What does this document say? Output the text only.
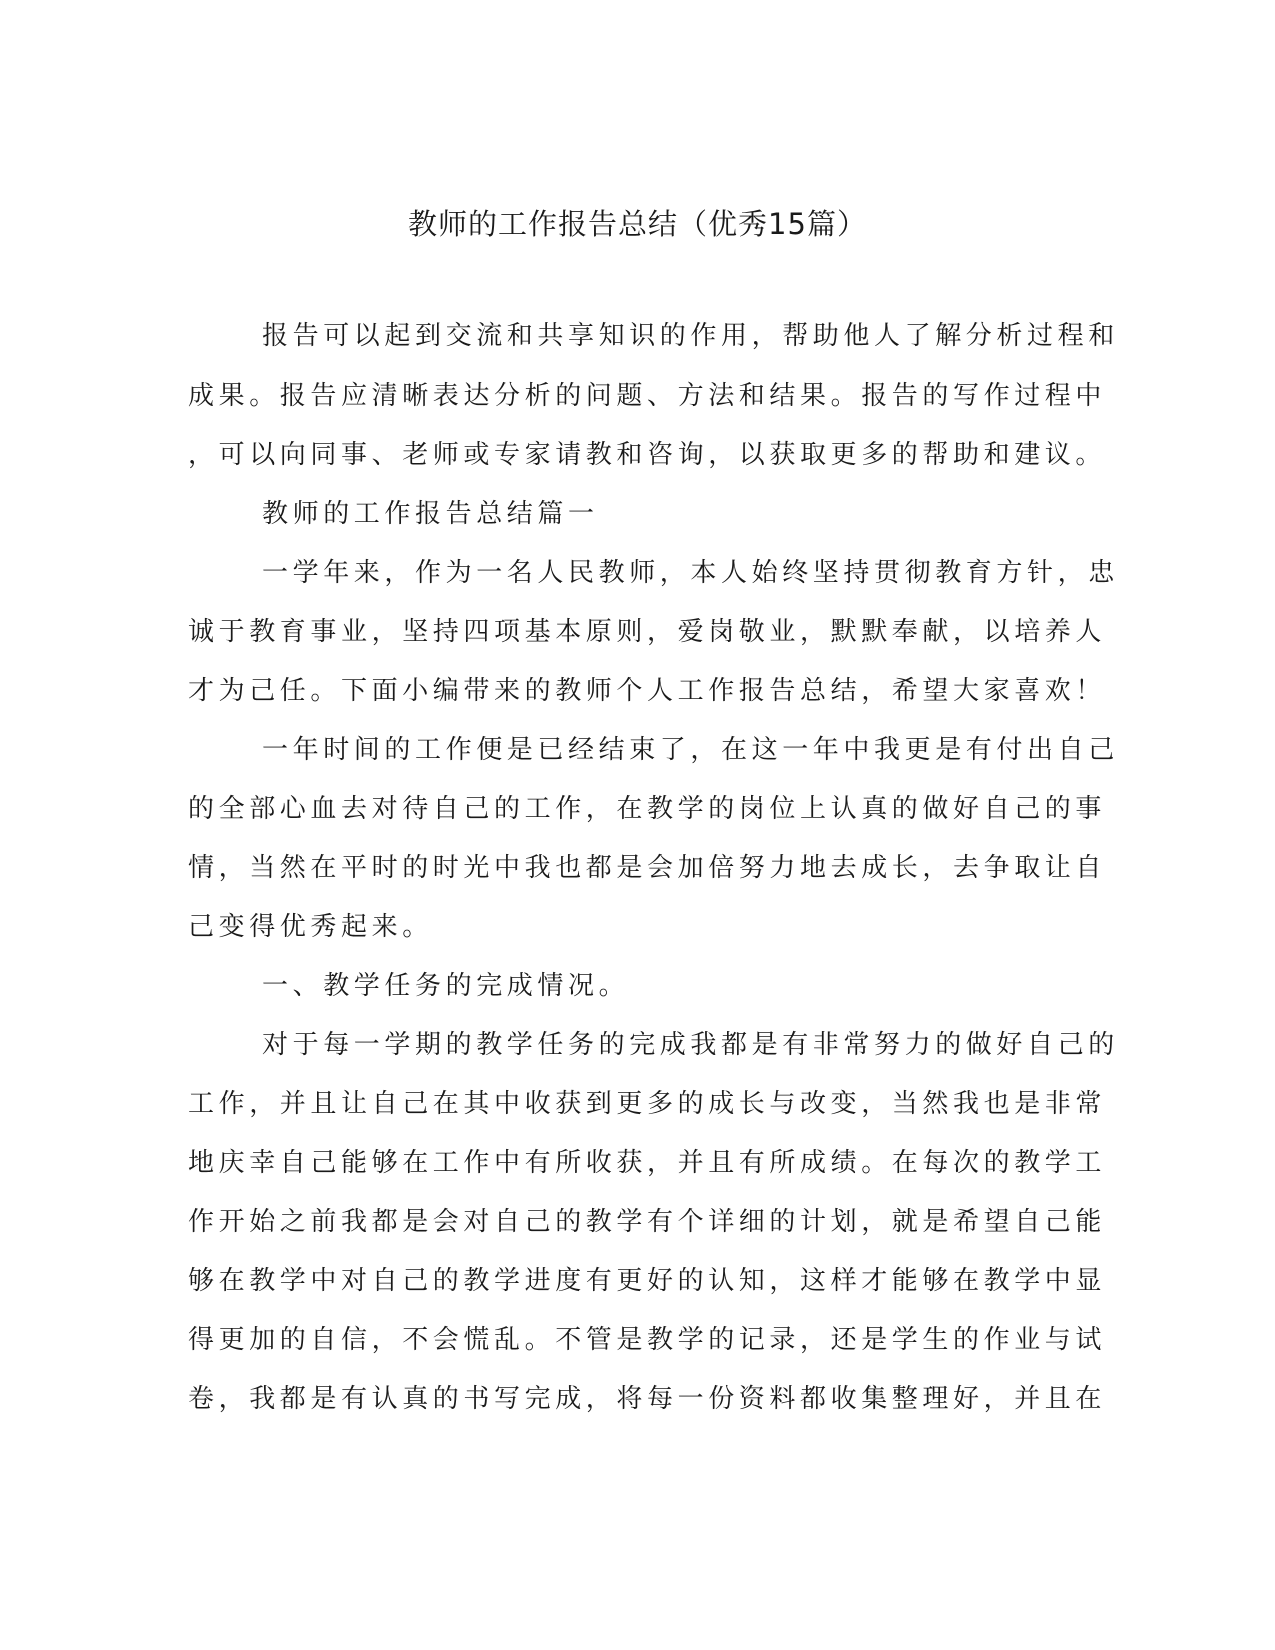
教师的工作报告总结（优秀15篇）
报告可以起到交流和共享知识的作用，帮助他人了解分析过程和
成果。报告应清晰表达分析的问题、方法和结果。报告的写作过程中
，可以向同事、老师或专家请教和咨询，以获取更多的帮助和建议。
教师的工作报告总结篇一
一学年来，作为一名人民教师，本人始终坚持贯彻教育方针，忠
诚于教育事业，坚持四项基本原则，爱岗敬业，默默奉献，以培养人
才为己任。下面小编带来的教师个人工作报告总结，希望大家喜欢！
一年时间的工作便是已经结束了，在这一年中我更是有付出自己
的全部心血去对待自己的工作，在教学的岗位上认真的做好自己的事
情，当然在平时的时光中我也都是会加倍努力地去成长，去争取让自
己变得优秀起来。
一、教学任务的完成情况。
对于每一学期的教学任务的完成我都是有非常努力的做好自己的
工作，并且让自己在其中收获到更多的成长与改变，当然我也是非常
地庆幸自己能够在工作中有所收获，并且有所成绩。在每次的教学工
作开始之前我都是会对自己的教学有个详细的计划，就是希望自己能
够在教学中对自己的教学进度有更好的认知，这样才能够在教学中显
得更加的自信，不会慌乱。不管是教学的记录，还是学生的作业与试
卷，我都是有认真的书写完成，将每一份资料都收集整理好，并且在
